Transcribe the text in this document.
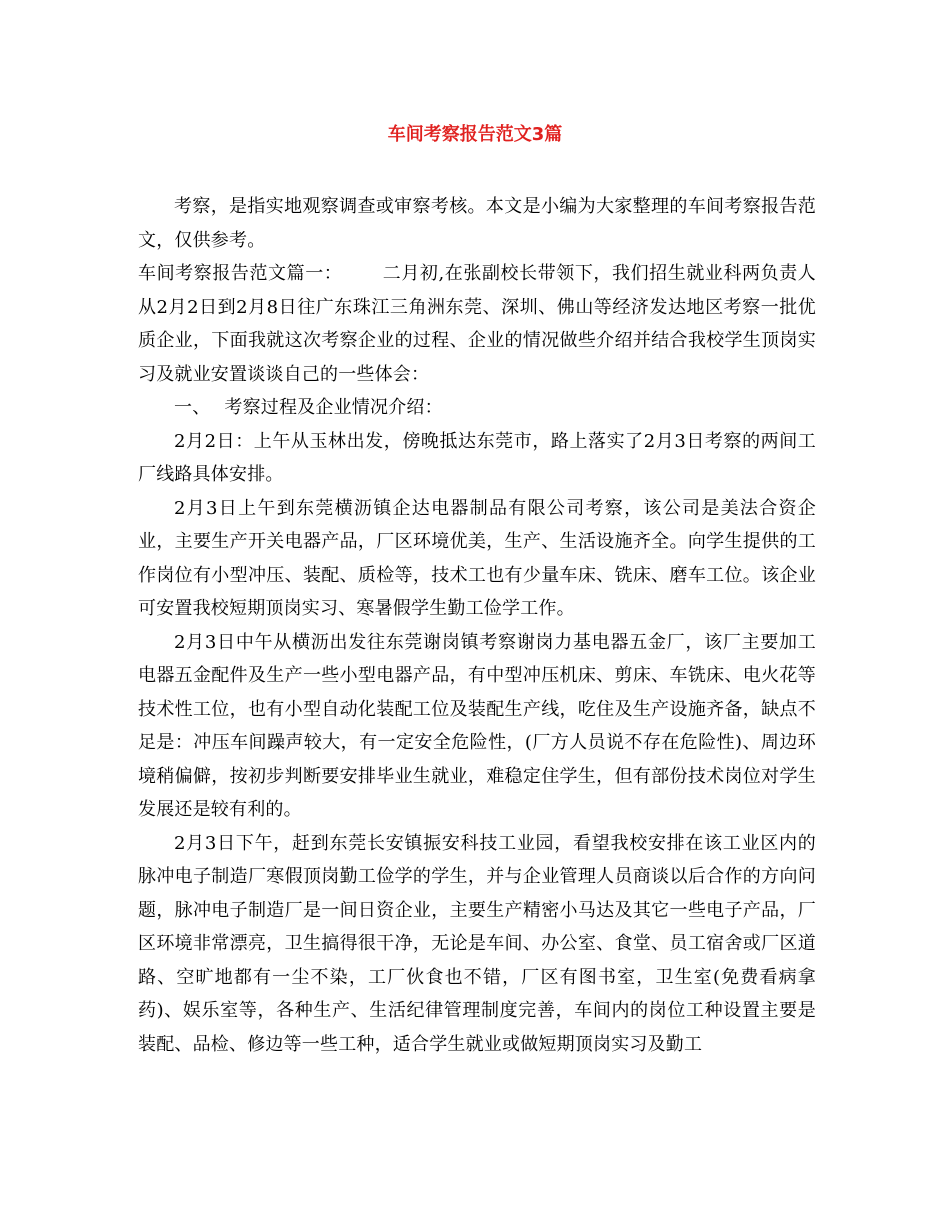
车间考察报告范文3篇

考察，是指实地观察调查或审察考核。本文是小编为大家整理的车间考察报告范文，仅供参考。

车间考察报告范文篇一： 二月初,在张副校长带领下，我们招生就业科两负责人从2月2日到2月8日往广东珠江三角洲东莞、深圳、佛山等经济发达地区考察一批优质企业，下面我就这次考察企业的过程、企业的情况做些介绍并结合我校学生顶岗实习及就业安置谈谈自己的一些体会：

一、 考察过程及企业情况介绍：

2月2日：上午从玉林出发，傍晚抵达东莞市，路上落实了2月3日考察的两间工厂线路具体安排。

2月3日上午到东莞横沥镇企达电器制品有限公司考察，该公司是美法合资企业，主要生产开关电器产品，厂区环境优美，生产、生活设施齐全。向学生提供的工作岗位有小型冲压、装配、质检等，技术工也有少量车床、铣床、磨车工位。该企业可安置我校短期顶岗实习、寒暑假学生勤工俭学工作。

2月3日中午从横沥出发往东莞谢岗镇考察谢岗力基电器五金厂，该厂主要加工电器五金配件及生产一些小型电器产品，有中型冲压机床、剪床、车铣床、电火花等技术性工位，也有小型自动化装配工位及装配生产线，吃住及生产设施齐备，缺点不足是：冲压车间躁声较大，有一定安全危险性，(厂方人员说不存在危险性)、周边环境稍偏僻，按初步判断要安排毕业生就业，难稳定住学生，但有部份技术岗位对学生发展还是较有利的。

2月3日下午，赶到东莞长安镇振安科技工业园，看望我校安排在该工业区内的脉冲电子制造厂寒假顶岗勤工俭学的学生，并与企业管理人员商谈以后合作的方向问题，脉冲电子制造厂是一间日资企业，主要生产精密小马达及其它一些电子产品，厂区环境非常漂亮，卫生搞得很干净，无论是车间、办公室、食堂、员工宿舍或厂区道路、空旷地都有一尘不染，工厂伙食也不错，厂区有图书室，卫生室(免费看病拿药)、娱乐室等，各种生产、生活纪律管理制度完善，车间内的岗位工种设置主要是装配、品检、修边等一些工种，适合学生就业或做短期顶岗实习及勤工
